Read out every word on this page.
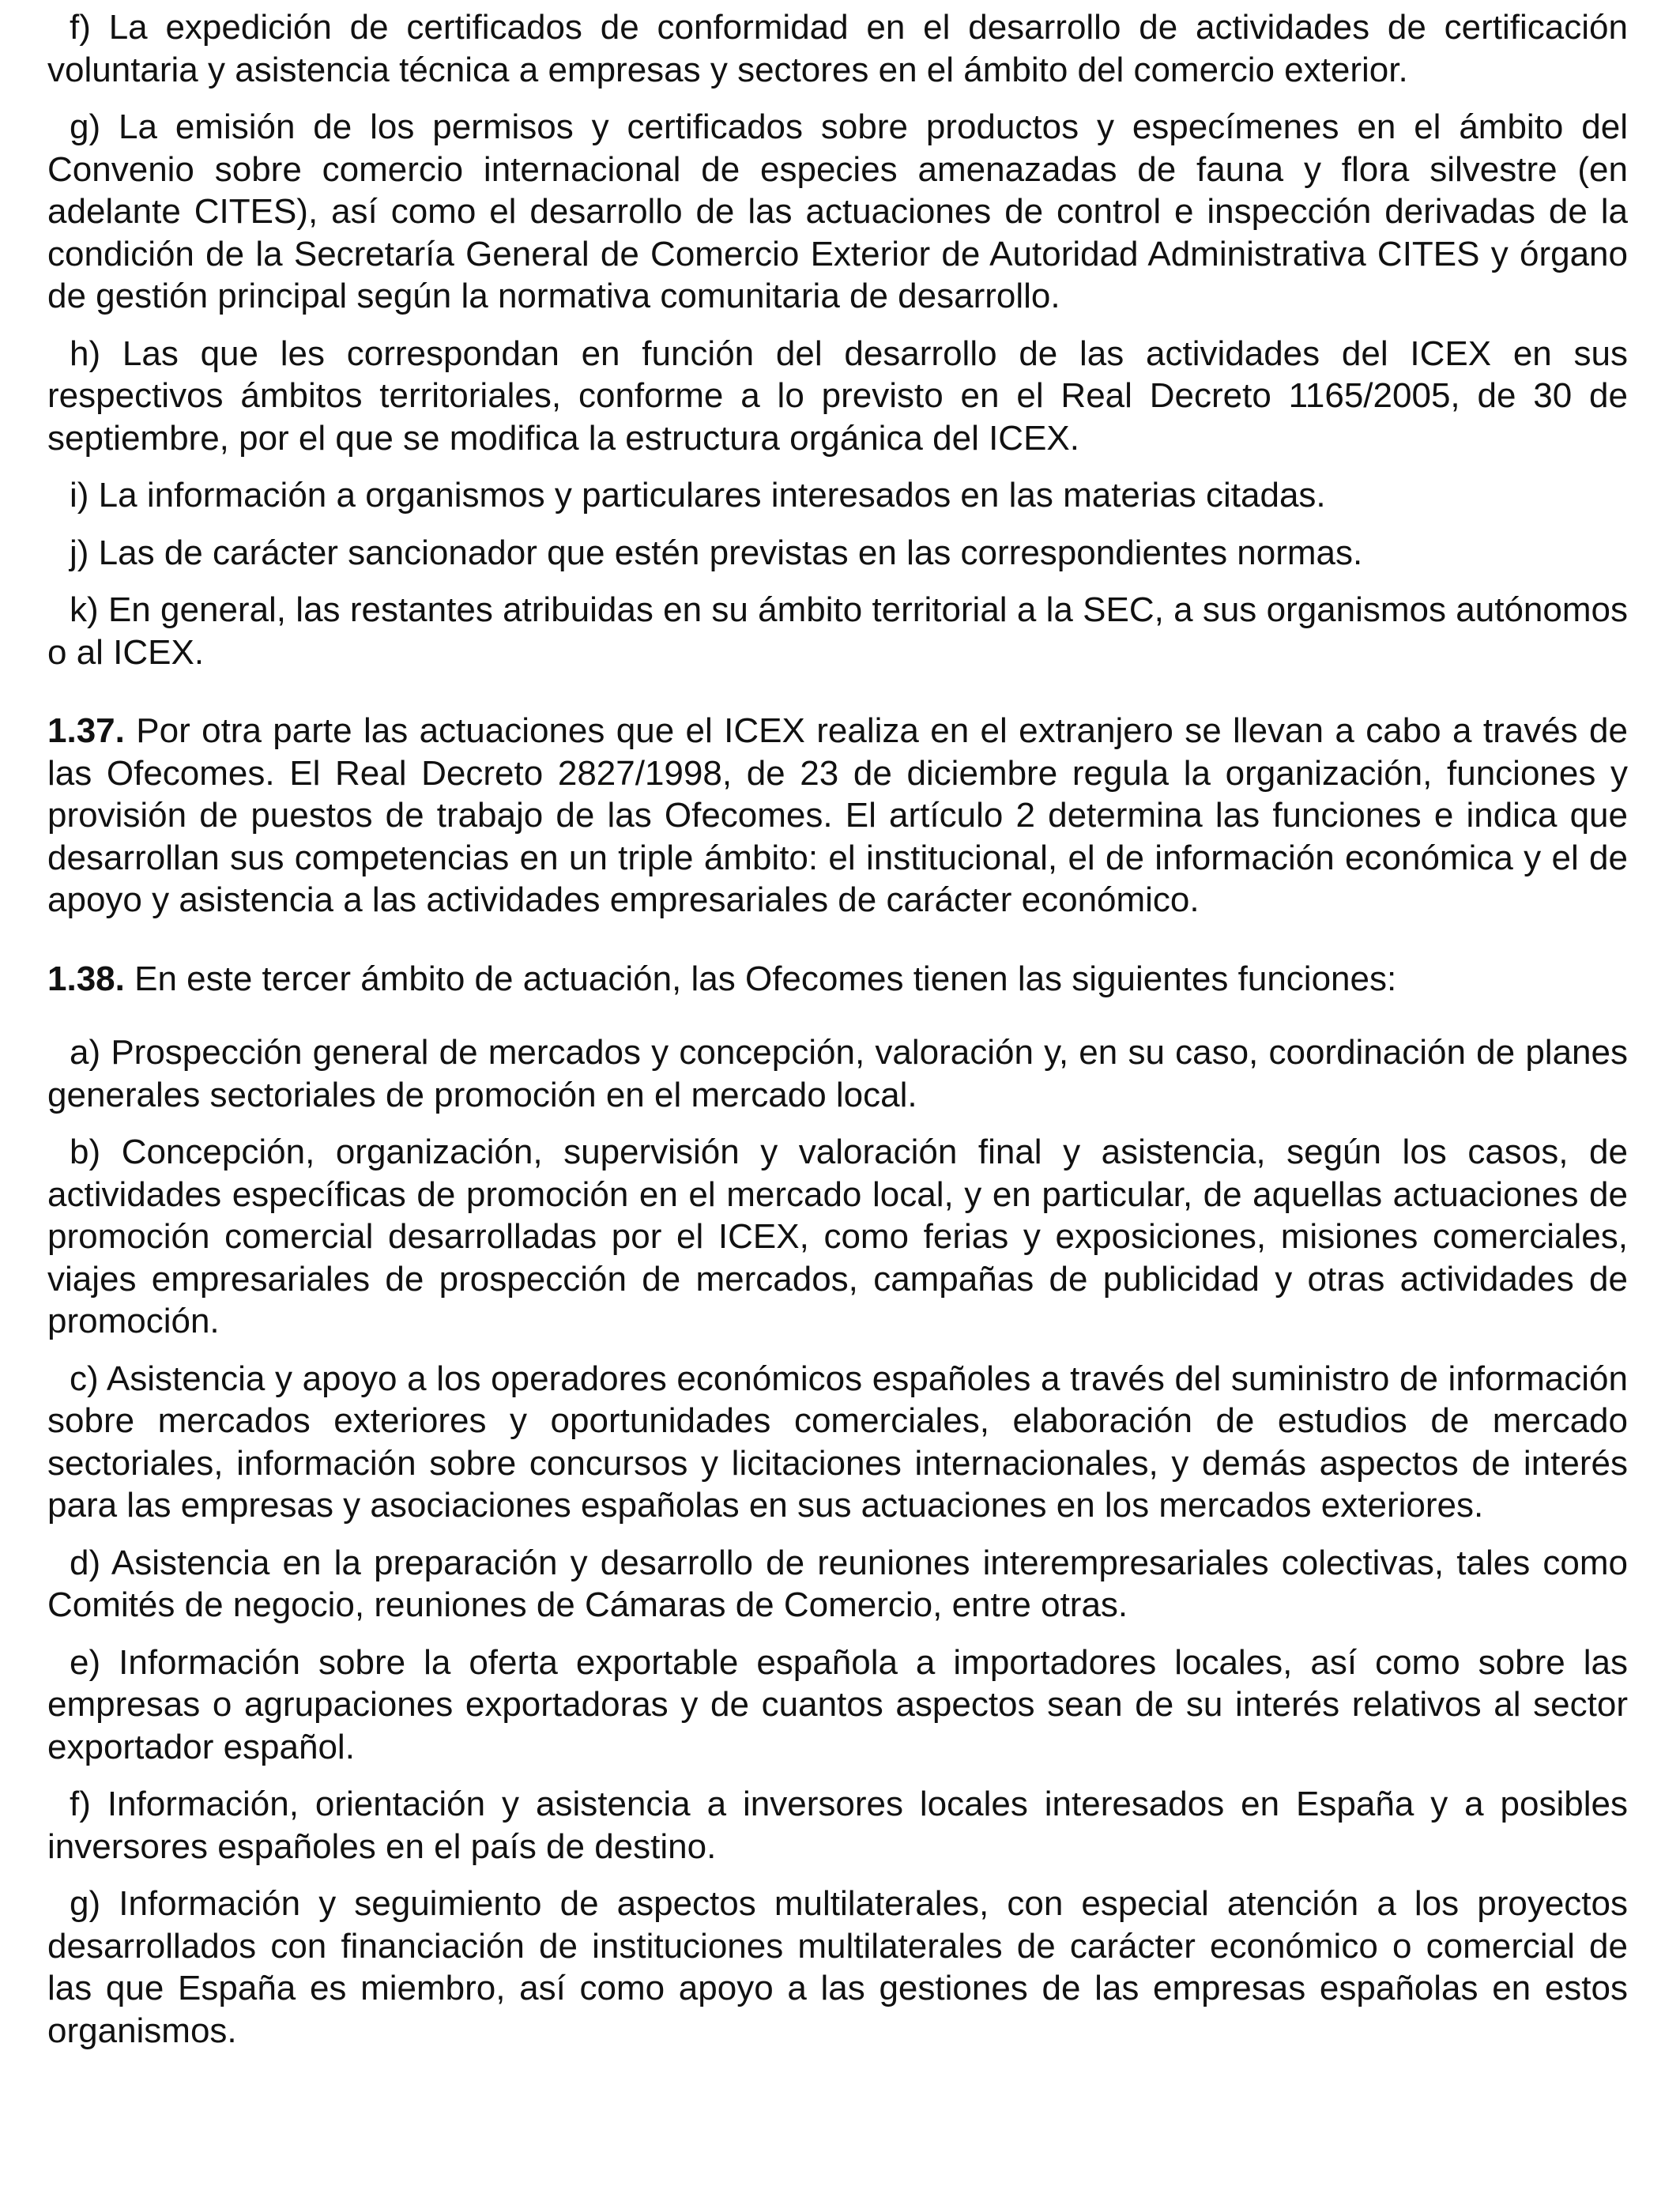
f) La expedición de certificados de conformidad en el desarrollo de actividades de certificación voluntaria y asistencia técnica a empresas y sectores en el ámbito del comercio exterior.

g) La emisión de los permisos y certificados sobre productos y especímenes en el ámbito del Convenio sobre comercio internacional de especies amenazadas de fauna y flora silvestre (en adelante CITES), así como el desarrollo de las actuaciones de control e inspección derivadas de la condición de la Secretaría General de Comercio Exterior de Autoridad Administrativa CITES y órgano de gestión principal según la normativa comunitaria de desarrollo.

h) Las que les correspondan en función del desarrollo de las actividades del ICEX en sus respectivos ámbitos territoriales, conforme a lo previsto en el Real Decreto 1165/2005, de 30 de septiembre, por el que se modifica la estructura orgánica del ICEX.

i) La información a organismos y particulares interesados en las materias citadas.

j) Las de carácter sancionador que estén previstas en las correspondientes normas.

k) En general, las restantes atribuidas en su ámbito territorial a la SEC, a sus organismos autónomos o al ICEX.

1.37. Por otra parte las actuaciones que el ICEX realiza en el extranjero se llevan a cabo a través de las Ofecomes. El Real Decreto 2827/1998, de 23 de diciembre regula la organización, funciones y provisión de puestos de trabajo de las Ofecomes. El artículo 2 determina las funciones e indica que desarrollan sus competencias en un triple ámbito: el institucional, el de información económica y el de apoyo y asistencia a las actividades empresariales de carácter económico.

1.38. En este tercer ámbito de actuación, las Ofecomes tienen las siguientes funciones:

a) Prospección general de mercados y concepción, valoración y, en su caso, coordinación de planes generales sectoriales de promoción en el mercado local.

b) Concepción, organización, supervisión y valoración final y asistencia, según los casos, de actividades específicas de promoción en el mercado local, y en particular, de aquellas actuaciones de promoción comercial desarrolladas por el ICEX, como ferias y exposiciones, misiones comerciales, viajes empresariales de prospección de mercados, campañas de publicidad y otras actividades de promoción.

c) Asistencia y apoyo a los operadores económicos españoles a través del suministro de información sobre mercados exteriores y oportunidades comerciales, elaboración de estudios de mercado sectoriales, información sobre concursos y licitaciones internacionales, y demás aspectos de interés para las empresas y asociaciones españolas en sus actuaciones en los mercados exteriores.

d) Asistencia en la preparación y desarrollo de reuniones interempresariales colectivas, tales como Comités de negocio, reuniones de Cámaras de Comercio, entre otras.

e) Información sobre la oferta exportable española a importadores locales, así como sobre las empresas o agrupaciones exportadoras y de cuantos aspectos sean de su interés relativos al sector exportador español.

f) Información, orientación y asistencia a inversores locales interesados en España y a posibles inversores españoles en el país de destino.

g) Información y seguimiento de aspectos multilaterales, con especial atención a los proyectos desarrollados con financiación de instituciones multilaterales de carácter económico o comercial de las que España es miembro, así como apoyo a las gestiones de las empresas españolas en estos organismos.
